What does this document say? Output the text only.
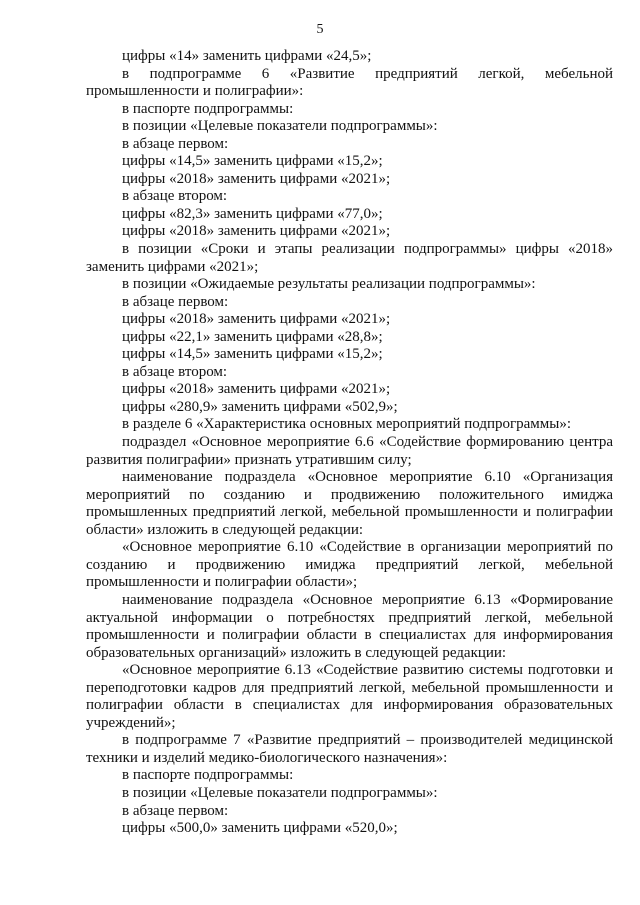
5

цифры «14» заменить цифрами «24,5»;

в подпрограмме 6 «Развитие предприятий легкой, мебельной промышленности и полиграфии»:

в паспорте подпрограммы:

в позиции «Целевые показатели подпрограммы»:

в абзаце первом:

цифры «14,5» заменить цифрами «15,2»;

цифры «2018» заменить цифрами «2021»;

в абзаце втором:

цифры «82,3» заменить цифрами «77,0»;

цифры «2018» заменить цифрами «2021»;

в позиции «Сроки и этапы реализации подпрограммы» цифры «2018» заменить цифрами «2021»;

в позиции «Ожидаемые результаты реализации подпрограммы»:

в абзаце первом:

цифры «2018» заменить цифрами «2021»;

цифры «22,1» заменить цифрами «28,8»;

цифры «14,5» заменить цифрами «15,2»;

в абзаце втором:

цифры «2018» заменить цифрами «2021»;

цифры «280,9» заменить цифрами «502,9»;

в разделе 6 «Характеристика основных мероприятий подпрограммы»:

подраздел «Основное мероприятие 6.6 «Содействие формированию центра развития полиграфии» признать утратившим силу;

наименование подраздела «Основное мероприятие 6.10 «Организация мероприятий по созданию и продвижению положительного имиджа промышленных предприятий легкой, мебельной промышленности и полиграфии области» изложить в следующей редакции:

«Основное мероприятие 6.10 «Содействие в организации мероприятий по созданию и продвижению имиджа предприятий легкой, мебельной промышленности и полиграфии области»;

наименование подраздела «Основное мероприятие 6.13 «Формирование актуальной информации о потребностях предприятий легкой, мебельной промышленности и полиграфии области в специалистах для информирования образовательных организаций» изложить в следующей редакции:

«Основное мероприятие 6.13 «Содействие развитию системы подготовки и переподготовки кадров для предприятий легкой, мебельной промышленности и полиграфии области в специалистах для информирования образовательных учреждений»;

в подпрограмме 7 «Развитие предприятий – производителей медицинской техники и изделий медико-биологического назначения»:

в паспорте подпрограммы:

в позиции «Целевые показатели подпрограммы»:

в абзаце первом:

цифры «500,0» заменить цифрами «520,0»;
